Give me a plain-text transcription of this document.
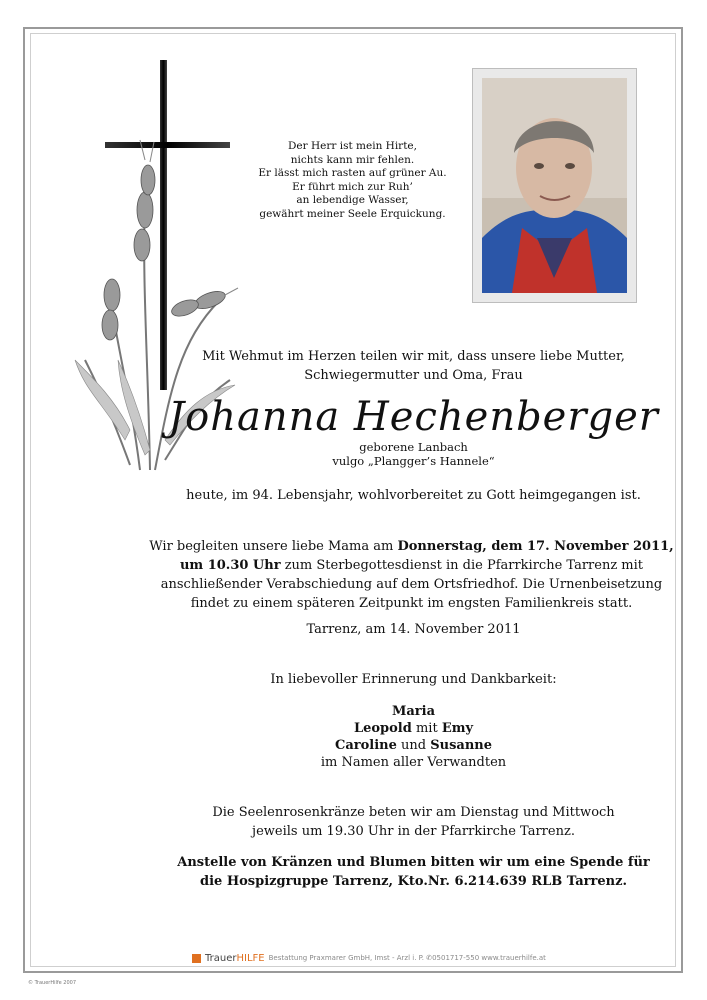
Der Herr ist mein Hirte,
nichts kann mir fehlen.
Er lässt mich rasten auf grüner Au.
Er führt mich zur Ruh’
an lebendige Wasser,
gewährt meiner Seele Erquickung.
Mit Wehmut im Herzen teilen wir mit, dass unsere liebe Mutter,
Schwiegermutter und Oma, Frau
Johanna Hechenberger
geborene Lanbach
vulgo „Plangger’s Hannele“
heute, im 94. Lebensjahr, wohlvorbereitet zu Gott heimgegangen ist.
Wir begleiten unsere liebe Mama am Donnerstag, dem 17. November 2011,
um 10.30 Uhr zum Sterbegottesdienst in die Pfarrkirche Tarrenz mit
anschließender Verabschiedung auf dem Ortsfriedhof. Die Urnenbeisetzung
findet zu einem späteren Zeitpunkt im engsten Familienkreis statt.
Tarrenz, am 14. November 2011
In liebevoller Erinnerung und Dankbarkeit:
Maria
Leopold mit Emy
Caroline und Susanne
im Namen aller Verwandten
Die Seelenrosenkränze beten wir am Dienstag und Mittwoch
jeweils um 19.30 Uhr in der Pfarrkirche Tarrenz.
Anstelle von Kränzen und Blumen bitten wir um eine Spende für
die Hospizgruppe Tarrenz, Kto.Nr. 6.214.639 RLB Tarrenz.
TrauerHILFE Bestattung Praxmarer GmbH, Imst - Arzl i. P. ✆0501717-550 www.trauerhilfe.at
© TrauerHilfe 2007
